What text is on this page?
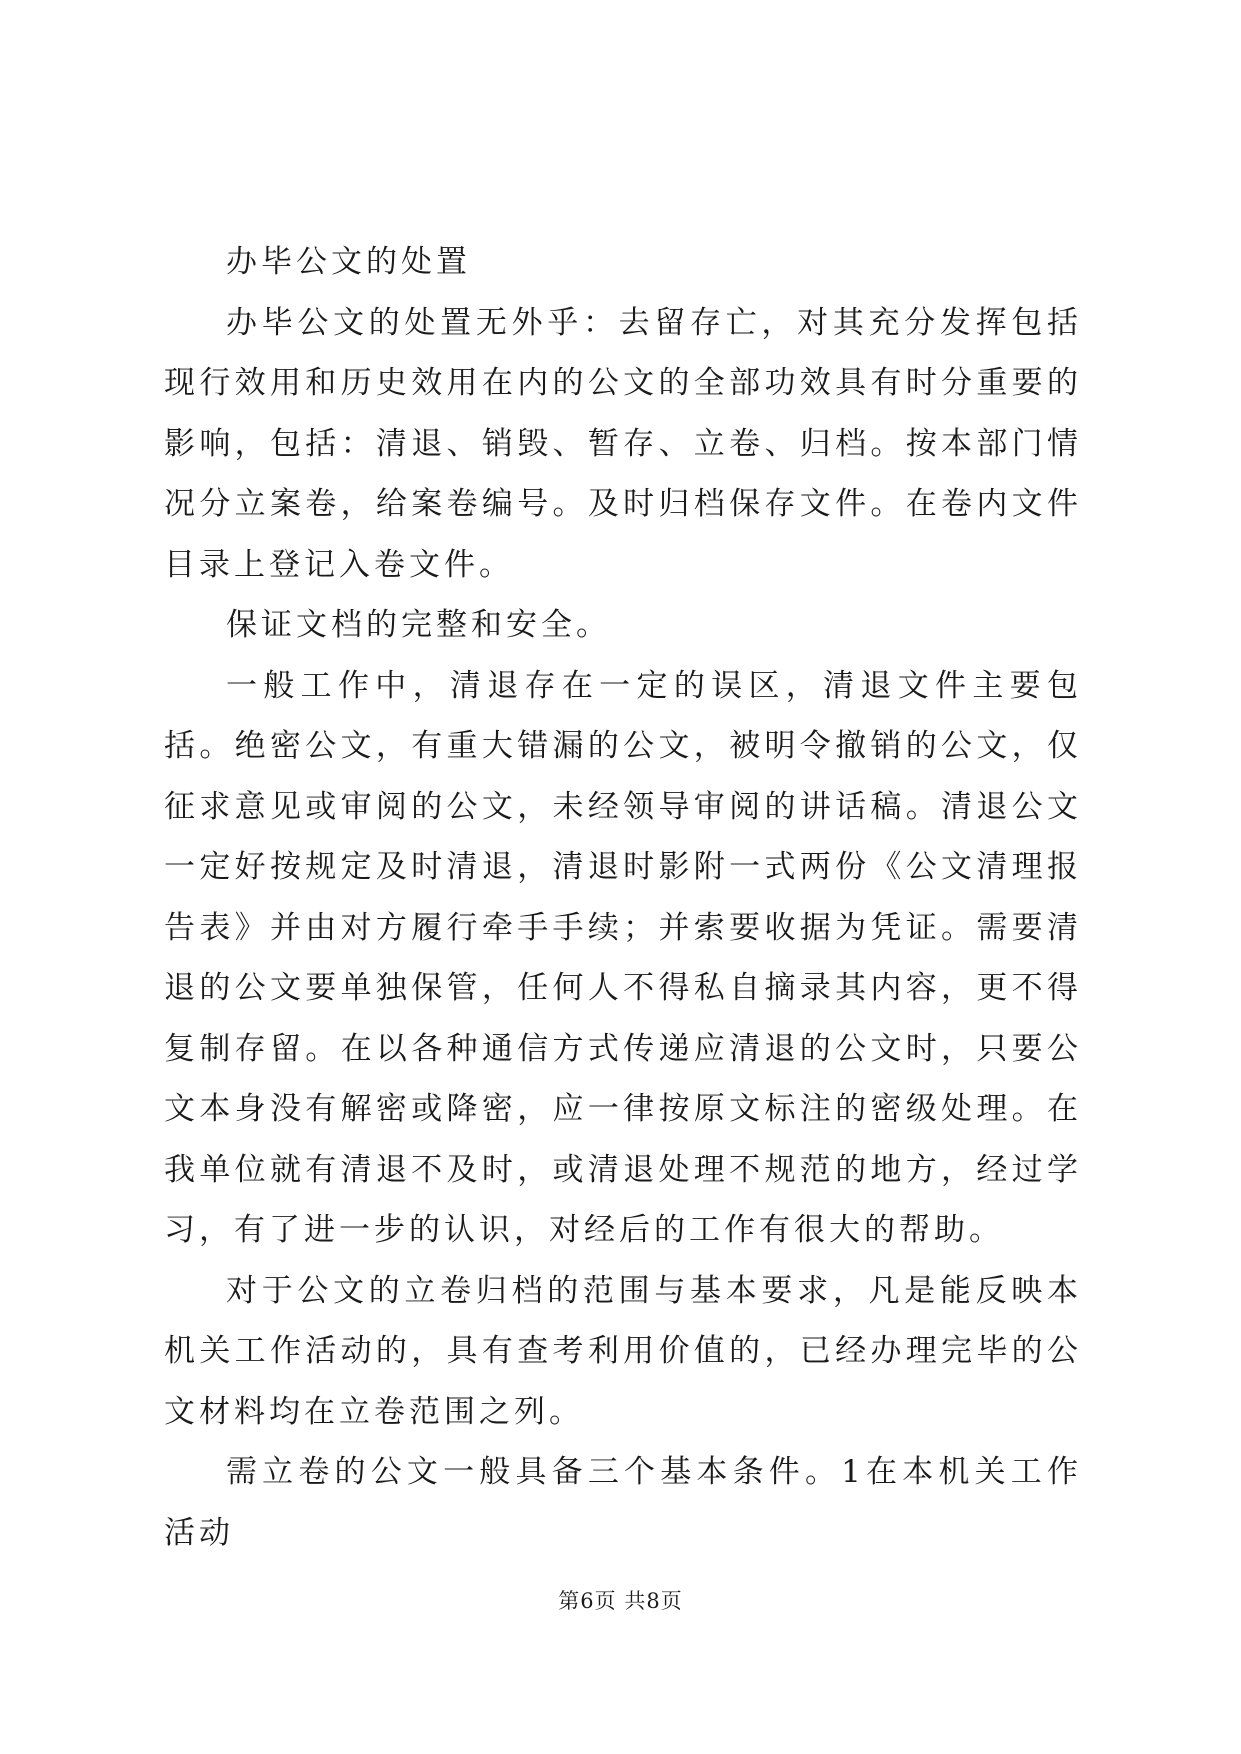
办毕公文的处置

办毕公文的处置无外乎：去留存亡，对其充分发挥包括现行效用和历史效用在内的公文的全部功效具有时分重要的影响，包括：清退、销毁、暂存、立卷、归档。按本部门情况分立案卷，给案卷编号。及时归档保存文件。在卷内文件目录上登记入卷文件。

保证文档的完整和安全。

一般工作中，清退存在一定的误区，清退文件主要包括。绝密公文，有重大错漏的公文，被明令撤销的公文，仅征求意见或审阅的公文，未经领导审阅的讲话稿。清退公文一定好按规定及时清退，清退时影附一式两份《公文清理报告表》并由对方履行牵手手续；并索要收据为凭证。需要清退的公文要单独保管，任何人不得私自摘录其内容，更不得复制存留。在以各种通信方式传递应清退的公文时，只要公文本身没有解密或降密，应一律按原文标注的密级处理。在我单位就有清退不及时，或清退处理不规范的地方，经过学习，有了进一步的认识，对经后的工作有很大的帮助。

对于公文的立卷归档的范围与基本要求，凡是能反映本机关工作活动的，具有查考利用价值的，已经办理完毕的公文材料均在立卷范围之列。

需立卷的公文一般具备三个基本条件。1在本机关工作活动

第6页 共8页
